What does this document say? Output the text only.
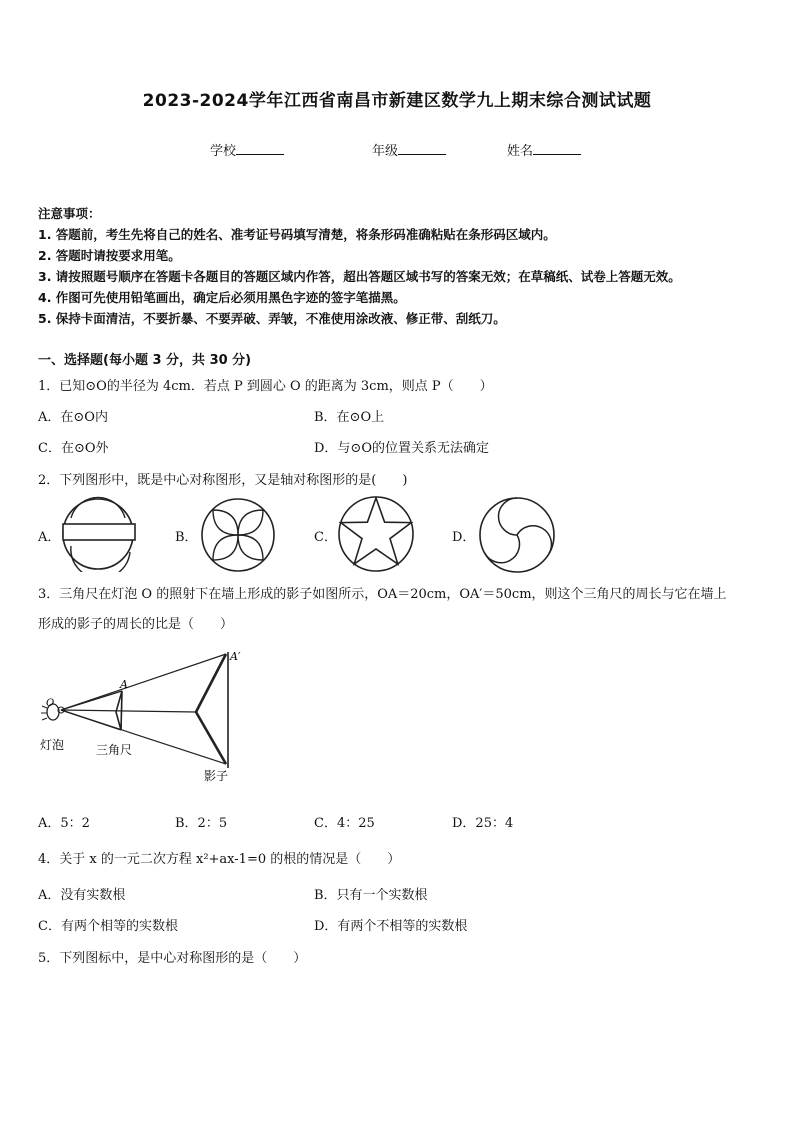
2023-2024学年江西省南昌市新建区数学九上期末综合测试试题
学校	年级	姓名
注意事项：
1. 答题前，考生先将自己的姓名、准考证号码填写清楚，将条形码准确粘贴在条形码区域内。
2. 答题时请按要求用笔。
3. 请按照题号顺序在答题卡各题目的答题区域内作答，超出答题区域书写的答案无效；在草稿纸、试卷上答题无效。
4. 作图可先使用铅笔画出，确定后必须用黑色字迹的签字笔描黑。
5. 保持卡面清洁，不要折暴、不要弄破、弄皱，不准使用涂改液、修正带、刮纸刀。
一、选择题(每小题 3 分，共 30 分)
1．已知⊙O的半径为 4cm．若点 P 到圆心 O 的距离为 3cm，则点 P（　　）
A．在⊙O内	B．在⊙O上
C．在⊙O外	D．与⊙O的位置关系无法确定
2．下列图形中，既是中心对称图形，又是轴对称图形的是(　　)
A．	B．	C．	D．
3．三角尺在灯泡 O 的照射下在墙上形成的影子如图所示，OA＝20cm，OA′＝50cm，则这个三角尺的周长与它在墙上
形成的影子的周长的比是（　　）
O
A
A′
灯泡	三角尺
影子
A．5：2	B．2：5	C．4：25	D．25：4
4．关于 x 的一元二次方程 x²+ax-1=0 的根的情况是（　　）
A．没有实数根	B．只有一个实数根
C．有两个相等的实数根	D．有两个不相等的实数根
5．下列图标中，是中心对称图形的是（　　）
